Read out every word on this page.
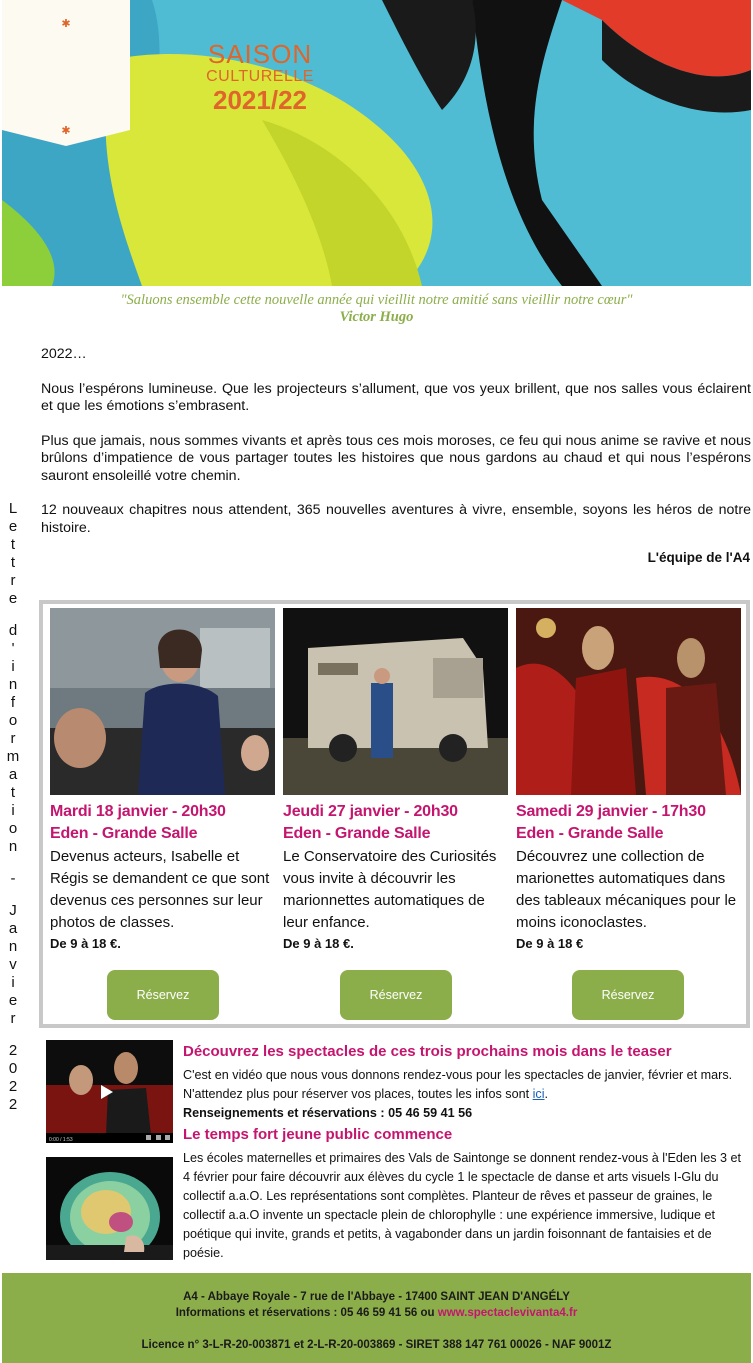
✱
✱
SAISON
CULTURELLE
2021/22
"Saluons ensemble cette nouvelle année qui vieillit notre amitié sans vieillir notre cœur"
Victor Hugo
L
e
t
t
r
e
d
'
i
n
f
o
r
m
a
t
i
o
n
-
J
a
n
v
i
e
r
2
0
2
2

2022…

Nous l’espérons lumineuse. Que les projecteurs s’allument, que vos yeux brillent, que nos salles vous éclairent et que les émotions s’embrasent.

Plus que jamais, nous sommes vivants et après tous ces mois moroses, ce feu qui nous anime se ravive et nous brûlons d’impatience de vous partager toutes les histoires que nous gardons au chaud et qui nous l’espérons sauront ensoleillé votre chemin.

12 nouveaux chapitres nous attendent, 365 nouvelles aventures à vivre, ensemble, soyons les héros de notre histoire.

L'équipe de l'A4
Mardi 18 janvier - 20h30
Eden - Grande Salle
Devenus acteurs, Isabelle et Régis se demandent ce que sont devenus ces personnes sur leur photos de classes.
De 9 à 18 €.
Réservez
Jeudi 27 janvier - 20h30
Eden - Grande Salle
Le Conservatoire des Curiosités vous invite à découvrir les marionnettes automatiques de leur enfance.
De 9 à 18 €.
Réservez
Samedi 29 janvier - 17h30
Eden - Grande Salle
Découvrez une collection de marionettes automatiques dans des tableaux mécaniques pour le moins iconoclastes.
De 9 à 18 €
Réservez
0:00 / 1:53
Découvrez les spectacles de ces trois prochains mois dans le teaser
C'est en vidéo que nous vous donnons rendez-vous pour les spectacles de janvier, février et mars. N'attendez plus pour réserver vos places, toutes les infos sont ici.
Renseignements et réservations : 05 46 59 41 56
Le temps fort jeune public commence
Les écoles maternelles et primaires des Vals de Saintonge se donnent rendez-vous à l'Eden les 3 et 4 février pour faire découvrir aux élèves du cycle 1 le spectacle de danse et arts visuels I-Glu du collectif a.a.O. Les représentations sont complètes. Planteur de rêves et passeur de graines, le collectif a.a.O invente un spectacle plein de chlorophylle : une expérience immersive, ludique et poétique qui invite, grands et petits, à vagabonder dans un jardin foisonnant de fantaisies et de poésie.
A4 - Abbaye Royale - 7 rue de l'Abbaye - 17400 SAINT JEAN D'ANGÉLY
Informations et réservations : 05 46 59 41 56 ou www.spectaclevivanta4.fr
Licence n° 3-L-R-20-003871 et 2-L-R-20-003869 - SIRET 388 147 761 00026 - NAF 9001Z
